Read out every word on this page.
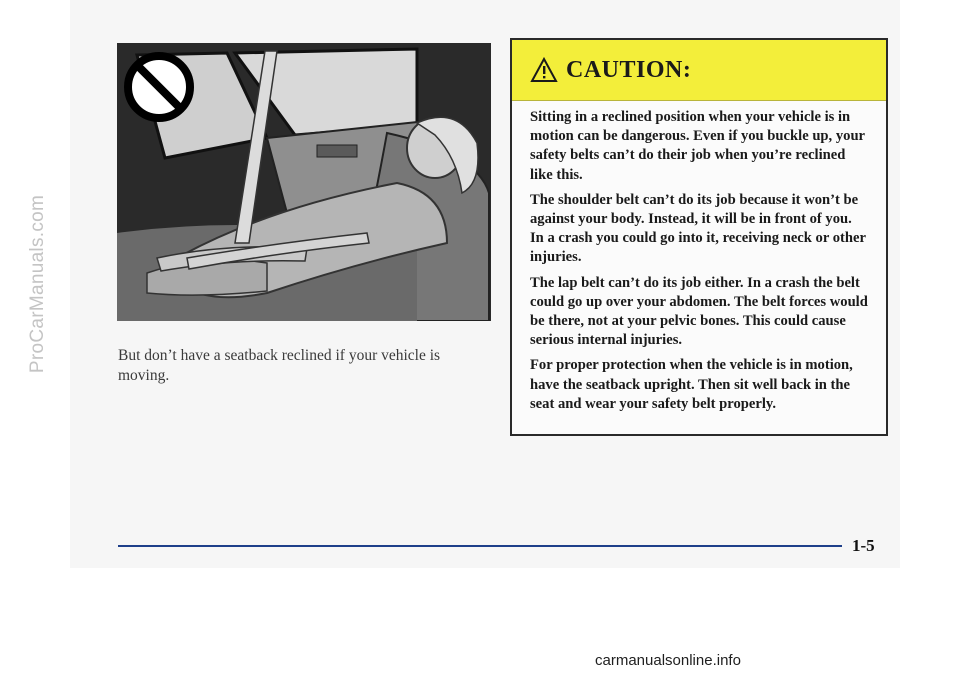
ProCarManuals.com	But don’t have a seatback reclined if your vehicle is moving.
CAUTION:

Sitting in a reclined position when your vehicle is in motion can be dangerous. Even if you buckle up, your safety belts can’t do their job when you’re reclined like this.

The shoulder belt can’t do its job because it won’t be against your body. Instead, it will be in front of you. In a crash you could go into it, receiving neck or other injuries.

The lap belt can’t do its job either. In a crash the belt could go up over your abdomen. The belt forces would be there, not at your pelvic bones. This could cause serious internal injuries.

For proper protection when the vehicle is in motion, have the seatback upright. Then sit well back in the seat and wear your safety belt properly.

1-5
carmanualsonline.info
